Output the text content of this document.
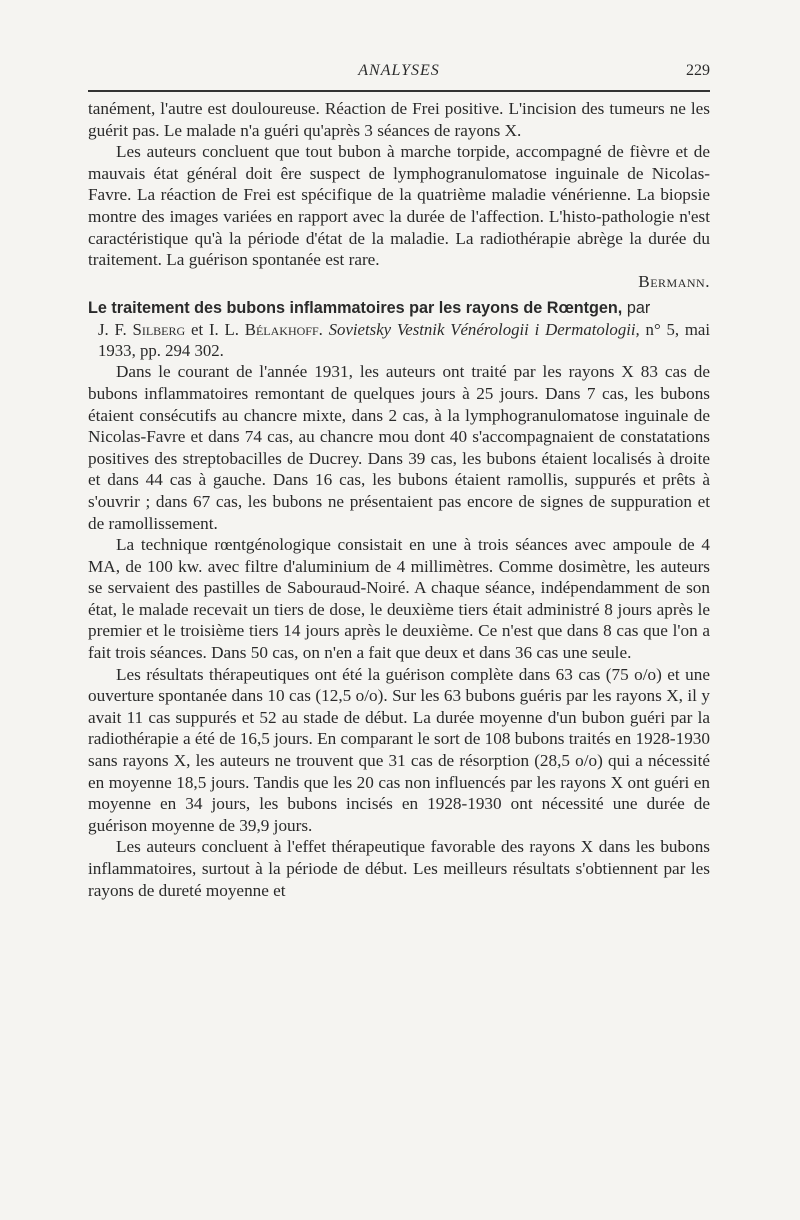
ANALYSES	229

tanément, l'autre est douloureuse. Réaction de Frei positive. L'incision des tumeurs ne les guérit pas. Le malade n'a guéri qu'après 3 séances de rayons X.

Les auteurs concluent que tout bubon à marche torpide, accompagné de fièvre et de mauvais état général doit êre suspect de lymphogranulomatose inguinale de Nicolas-Favre. La réaction de Frei est spécifique de la quatrième maladie vénérienne. La biopsie montre des images variées en rapport avec la durée de l'affection. L'histo-pathologie n'est caractéristique qu'à la période d'état de la maladie. La radiothérapie abrège la durée du traitement. La guérison spontanée est rare.

Bermann.

Le traitement des bubons inflammatoires par les rayons de Rœntgen, par

J. F. Silberg et I. L. Bélakhoff. Sovietsky Vestnik Vénérologii i Dermatologii, n° 5, mai 1933, pp. 294 302.

Dans le courant de l'année 1931, les auteurs ont traité par les rayons X 83 cas de bubons inflammatoires remontant de quelques jours à 25 jours. Dans 7 cas, les bubons étaient consécutifs au chancre mixte, dans 2 cas, à la lymphogranulomatose inguinale de Nicolas-Favre et dans 74 cas, au chancre mou dont 40 s'accompagnaient de constatations positives des streptobacilles de Ducrey. Dans 39 cas, les bubons étaient localisés à droite et dans 44 cas à gauche. Dans 16 cas, les bubons étaient ramollis, suppurés et prêts à s'ouvrir ; dans 67 cas, les bubons ne présentaient pas encore de signes de suppuration et de ramollissement.

La technique rœntgénologique consistait en une à trois séances avec ampoule de 4 MA, de 100 kw. avec filtre d'aluminium de 4 millimètres. Comme dosimètre, les auteurs se servaient des pastilles de Sabouraud-Noiré. A chaque séance, indépendamment de son état, le malade recevait un tiers de dose, le deuxième tiers était administré 8 jours après le premier et le troisième tiers 14 jours après le deuxième. Ce n'est que dans 8 cas que l'on a fait trois séances. Dans 50 cas, on n'en a fait que deux et dans 36 cas une seule.

Les résultats thérapeutiques ont été la guérison complète dans 63 cas (75 o/o) et une ouverture spontanée dans 10 cas (12,5 o/o). Sur les 63 bubons guéris par les rayons X, il y avait 11 cas suppurés et 52 au stade de début. La durée moyenne d'un bubon guéri par la radiothérapie a été de 16,5 jours. En comparant le sort de 108 bubons traités en 1928-1930 sans rayons X, les auteurs ne trouvent que 31 cas de résorption (28,5 o/o) qui a nécessité en moyenne 18,5 jours. Tandis que les 20 cas non influencés par les rayons X ont guéri en moyenne en 34 jours, les bubons incisés en 1928-1930 ont nécessité une durée de guérison moyenne de 39,9 jours.

Les auteurs concluent à l'effet thérapeutique favorable des rayons X dans les bubons inflammatoires, surtout à la période de début. Les meilleurs résultats s'obtiennent par les rayons de dureté moyenne et
